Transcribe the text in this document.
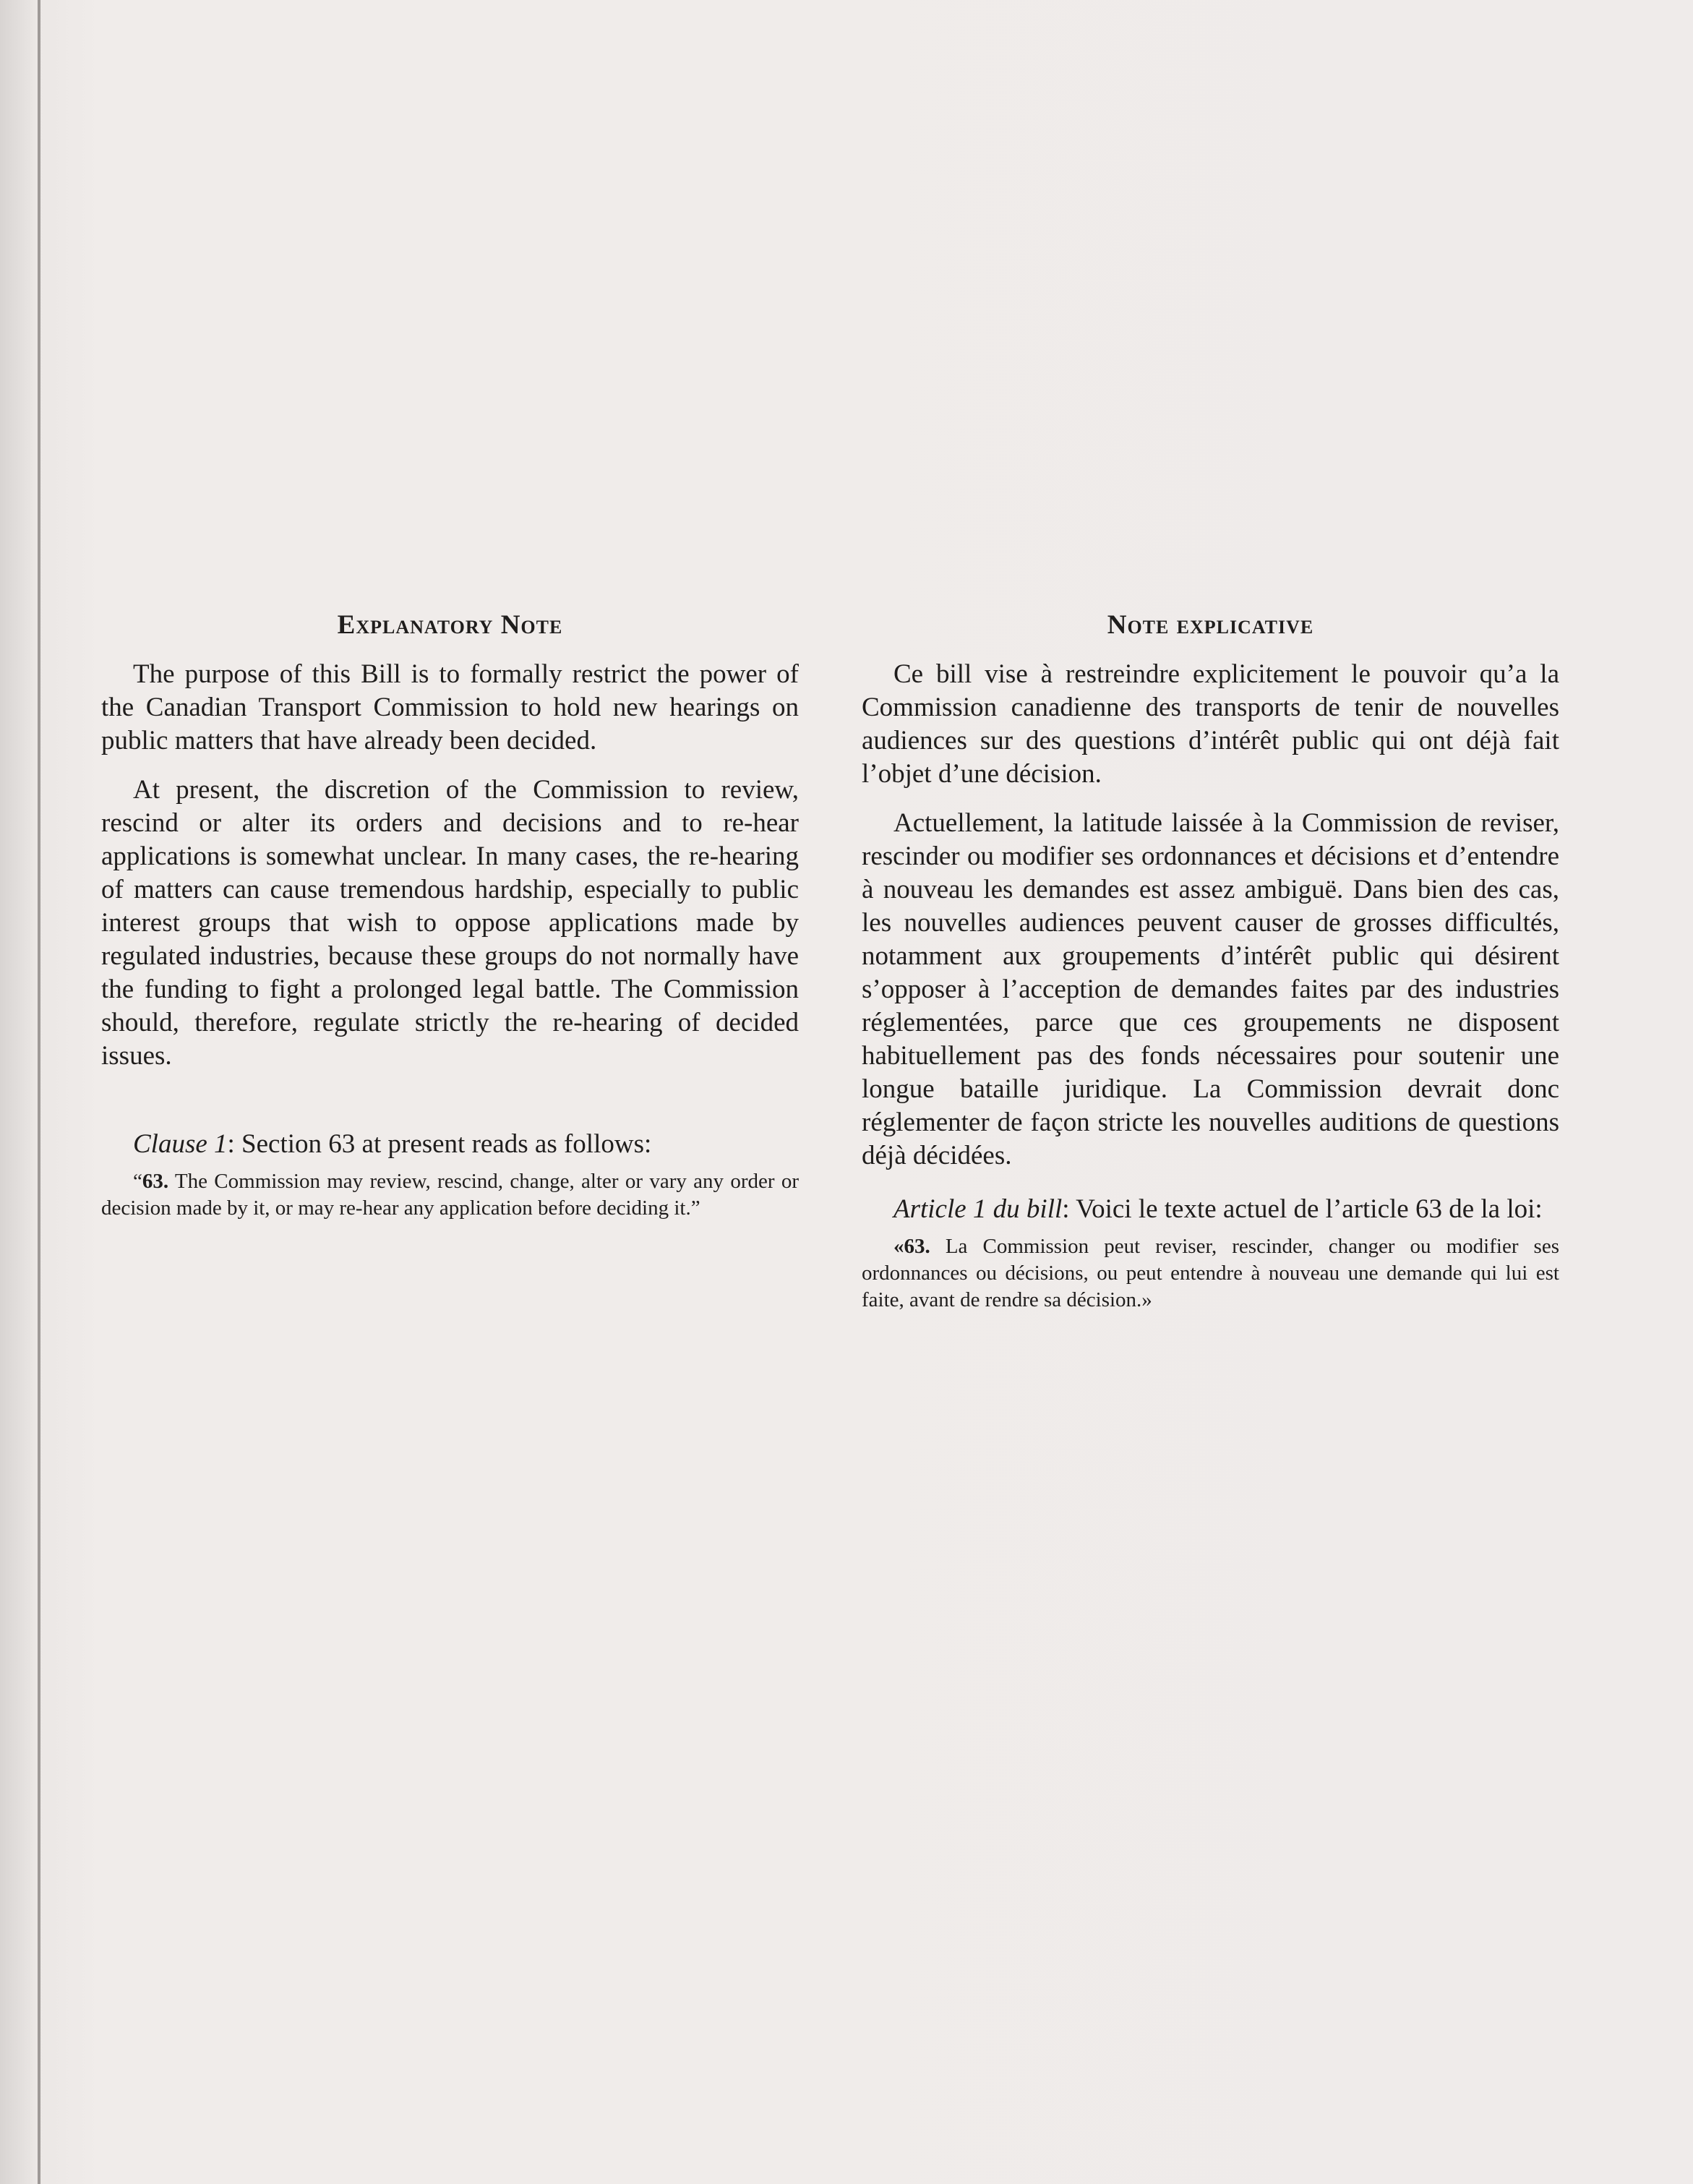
Explanatory Note

The purpose of this Bill is to formally restrict the power of the Canadian Transport Commission to hold new hearings on public matters that have already been decided.

At present, the discretion of the Commission to review, rescind or alter its orders and decisions and to re-hear applications is somewhat unclear. In many cases, the re-hearing of matters can cause tremendous hardship, especially to public interest groups that wish to oppose applications made by regulated industries, because these groups do not normally have the funding to fight a prolonged legal battle. The Commission should, therefore, regulate strictly the re-hearing of decided issues.

Clause 1: Section 63 at present reads as follows:

“63. The Commission may review, rescind, change, alter or vary any order or decision made by it, or may re-hear any application before deciding it.”

Note explicative

Ce bill vise à restreindre explicitement le pouvoir qu’a la Commission canadienne des transports de tenir de nouvelles audiences sur des questions d’intérêt public qui ont déjà fait l’objet d’une décision.

Actuellement, la latitude laissée à la Commission de reviser, rescinder ou modifier ses ordonnances et décisions et d’entendre à nouveau les demandes est assez ambiguë. Dans bien des cas, les nouvelles audiences peuvent causer de grosses difficultés, notamment aux groupements d’intérêt public qui désirent s’opposer à l’acception de demandes faites par des industries réglementées, parce que ces groupements ne disposent habituellement pas des fonds nécessaires pour soutenir une longue bataille juridique. La Commission devrait donc réglementer de façon stricte les nouvelles auditions de questions déjà décidées.

Article 1 du bill: Voici le texte actuel de l’article 63 de la loi:

«63. La Commission peut reviser, rescinder, changer ou modifier ses ordonnances ou décisions, ou peut entendre à nouveau une demande qui lui est faite, avant de rendre sa décision.»
